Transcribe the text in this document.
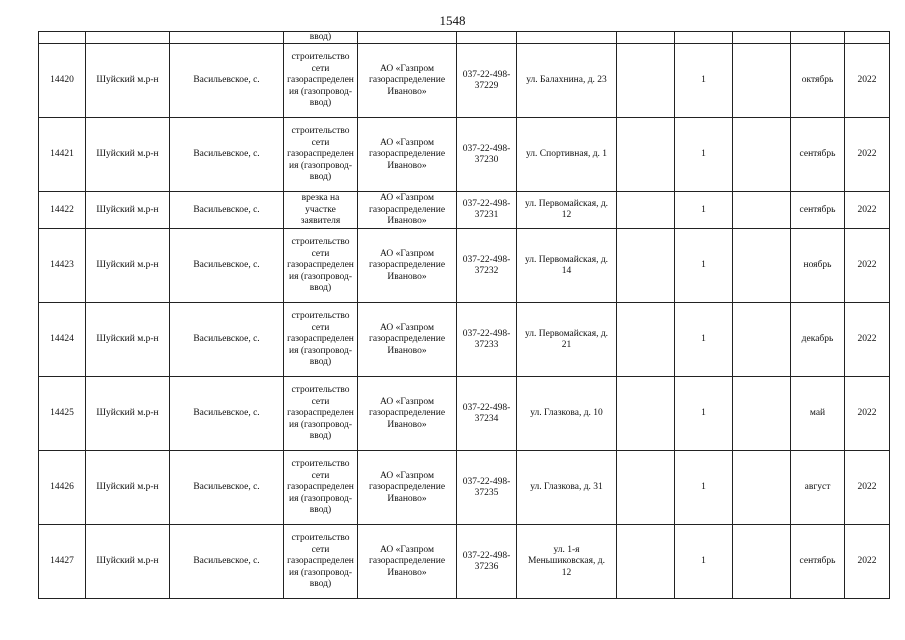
1548
			ввод)								
14420	Шуйский м.р-н	Васильевское, с.	строительство сети газораспределения (газопровод-ввод)	АО «Газпром газораспределение Иваново»	037-22-498-37229	ул. Балахнина, д. 23		1		октябрь	2022
14421	Шуйский м.р-н	Васильевское, с.	строительство сети газораспределения (газопровод-ввод)	АО «Газпром газораспределение Иваново»	037-22-498-37230	ул. Спортивная, д. 1		1		сентябрь	2022
14422	Шуйский м.р-н	Васильевское, с.	врезка на участке заявителя	АО «Газпром газораспределение Иваново»	037-22-498-37231	ул. Первомайская, д. 12		1		сентябрь	2022
14423	Шуйский м.р-н	Васильевское, с.	строительство сети газораспределения (газопровод-ввод)	АО «Газпром газораспределение Иваново»	037-22-498-37232	ул. Первомайская, д. 14		1		ноябрь	2022
14424	Шуйский м.р-н	Васильевское, с.	строительство сети газораспределения (газопровод-ввод)	АО «Газпром газораспределение Иваново»	037-22-498-37233	ул. Первомайская, д. 21		1		декабрь	2022
14425	Шуйский м.р-н	Васильевское, с.	строительство сети газораспределения (газопровод-ввод)	АО «Газпром газораспределение Иваново»	037-22-498-37234	ул. Глазкова, д. 10		1		май	2022
14426	Шуйский м.р-н	Васильевское, с.	строительство сети газораспределения (газопровод-ввод)	АО «Газпром газораспределение Иваново»	037-22-498-37235	ул. Глазкова, д. 31		1		август	2022
14427	Шуйский м.р-н	Васильевское, с.	строительство сети газораспределения (газопровод-ввод)	АО «Газпром газораспределение Иваново»	037-22-498-37236	ул. 1-я Меньшиковская, д. 12		1		сентябрь	2022
